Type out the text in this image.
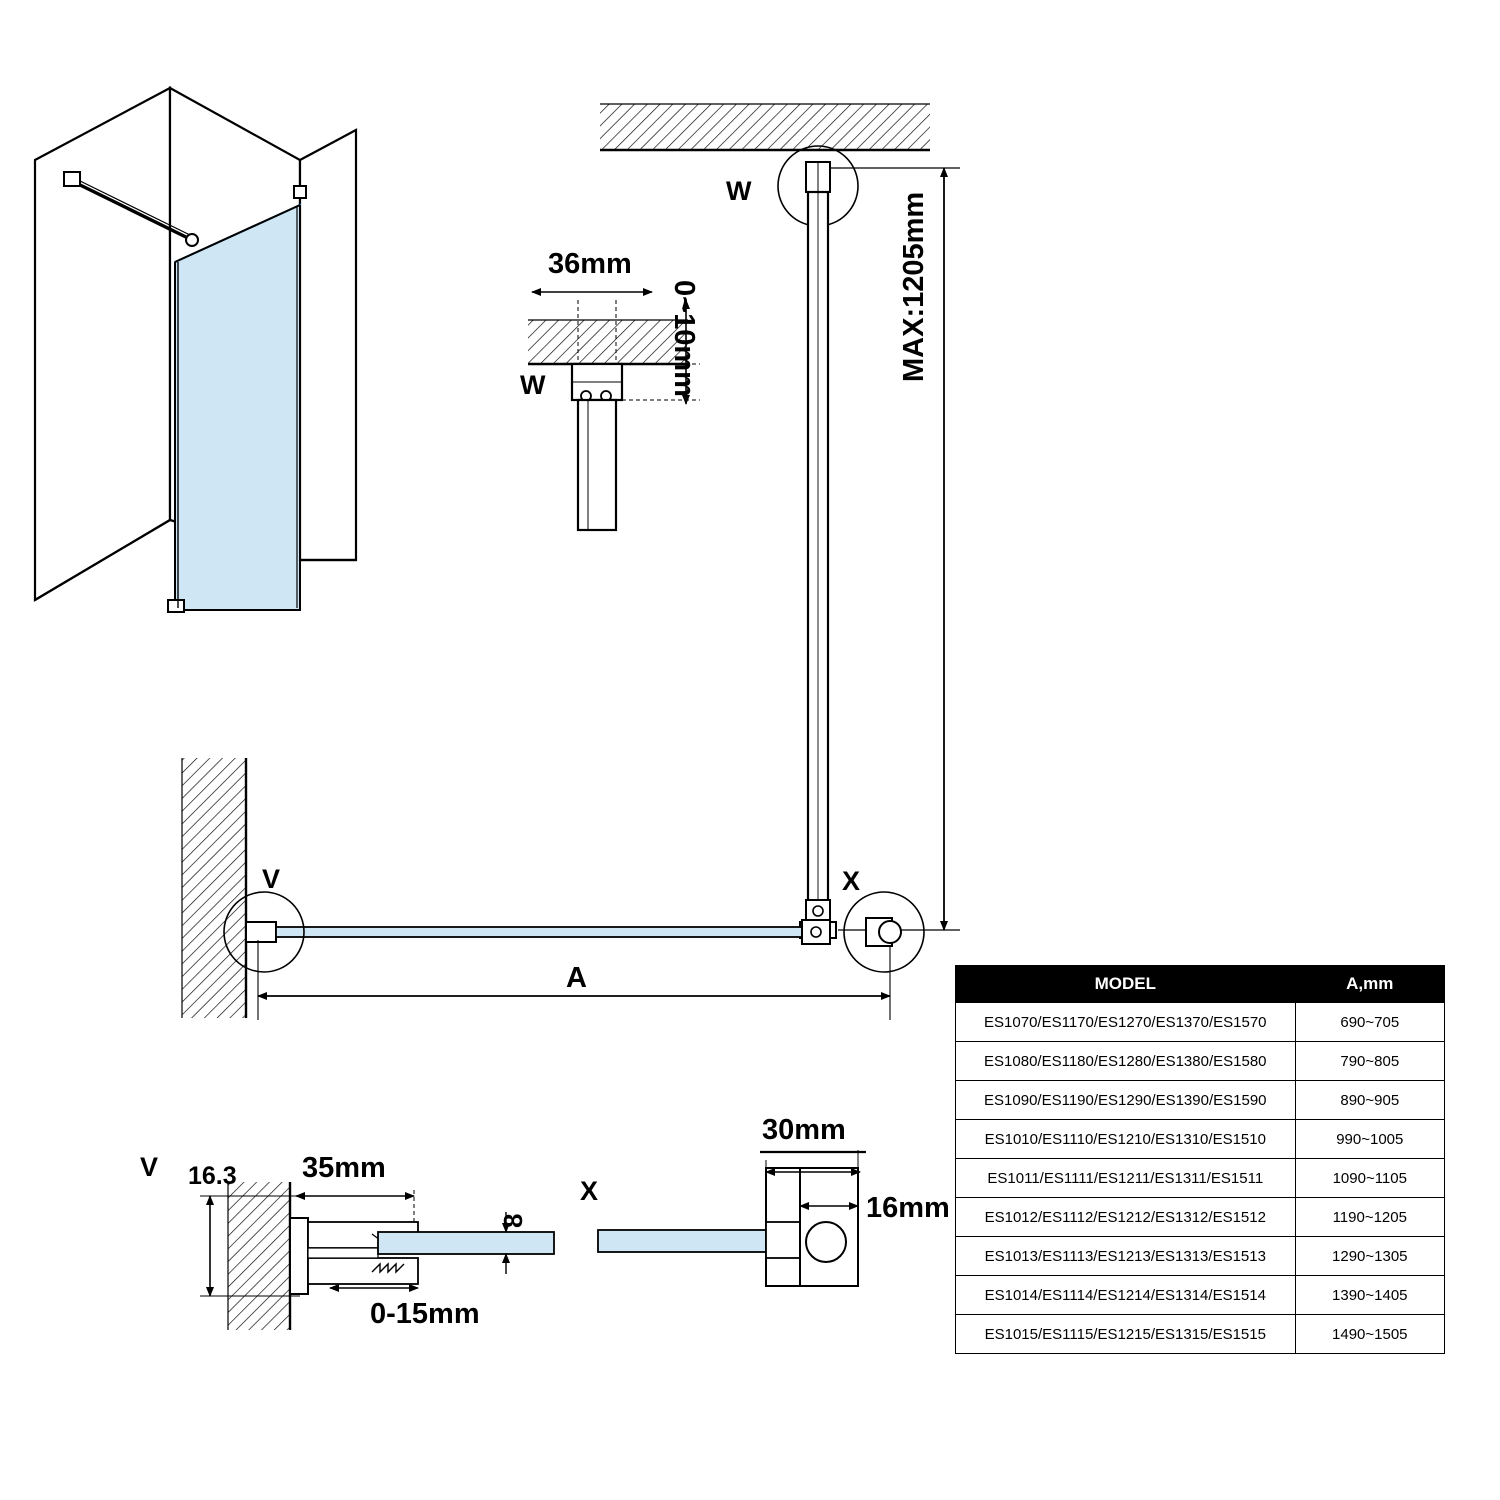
W
W
36mm
0~10mm	MAX:1205mm
V	X
A
V 16.3 35mm
8
0-15mm
X
30mm
16mm
MODEL	A,mm
ES1070/ES1170/ES1270/ES1370/ES1570	690~705
ES1080/ES1180/ES1280/ES1380/ES1580	790~805
ES1090/ES1190/ES1290/ES1390/ES1590	890~905
ES1010/ES1110/ES1210/ES1310/ES1510	990~1005
ES1011/ES1111/ES1211/ES1311/ES1511	1090~1105
ES1012/ES1112/ES1212/ES1312/ES1512	1190~1205
ES1013/ES1113/ES1213/ES1313/ES1513	1290~1305
ES1014/ES1114/ES1214/ES1314/ES1514	1390~1405
ES1015/ES1115/ES1215/ES1315/ES1515	1490~1505
